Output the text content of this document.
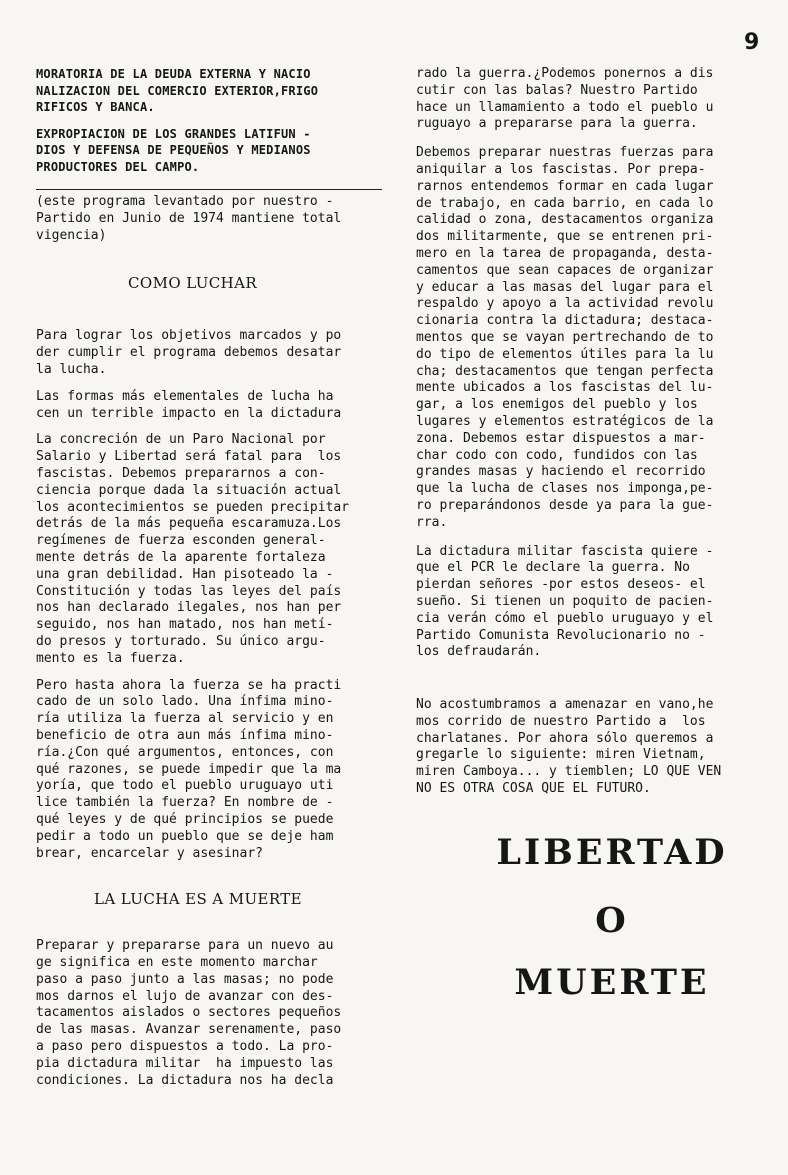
9
MORATORIA DE LA DEUDA EXTERNA Y NACIO
NALIZACION DEL COMERCIO EXTERIOR,FRIGO
RIFICOS Y BANCA.
EXPROPIACION DE LOS GRANDES LATIFUN -
DIOS Y DEFENSA DE PEQUEÑOS Y MEDIANOS
PRODUCTORES DEL CAMPO.
(este programa levantado por nuestro -
Partido en Junio de 1974 mantiene total
vigencia)
COMO LUCHAR
Para lograr los objetivos marcados y po
der cumplir el programa debemos desatar
la lucha.
Las formas más elementales de lucha ha
cen un terrible impacto en la dictadura
La concreción de un Paro Nacional por
Salario y Libertad será fatal para  los
fascistas. Debemos prepararnos a con-
ciencia porque dada la situación actual
los acontecimientos se pueden precipitar
detrás de la más pequeña escaramuza.Los
regímenes de fuerza esconden general-
mente detrás de la aparente fortaleza
una gran debilidad. Han pisoteado la -
Constitución y todas las leyes del país
nos han declarado ilegales, nos han per
seguido, nos han matado, nos han metí-
do presos y torturado. Su único argu-
mento es la fuerza.
Pero hasta ahora la fuerza se ha practi
cado de un solo lado. Una ínfima mino-
ría utiliza la fuerza al servicio y en
beneficio de otra aun más ínfima mino-
ría.¿Con qué argumentos, entonces, con
qué razones, se puede impedir que la ma
yoría, que todo el pueblo uruguayo uti
lice también la fuerza? En nombre de -
qué leyes y de qué principios se puede
pedir a todo un pueblo que se deje ham
brear, encarcelar y asesinar?
LA LUCHA ES A MUERTE
Preparar y prepararse para un nuevo au
ge significa en este momento marchar
paso a paso junto a las masas; no pode
mos darnos el lujo de avanzar con des-
tacamentos aislados o sectores pequeños
de las masas. Avanzar serenamente, paso
a paso pero dispuestos a todo. La pro-
pia dictadura militar  ha impuesto las
condiciones. La dictadura nos ha decla
rado la guerra.¿Podemos ponernos a dis
cutir con las balas? Nuestro Partido
hace un llamamiento a todo el pueblo u
ruguayo a prepararse para la guerra.
Debemos preparar nuestras fuerzas para
aniquilar a los fascistas. Por prepa-
rarnos entendemos formar en cada lugar
de trabajo, en cada barrio, en cada lo
calidad o zona, destacamentos organiza
dos militarmente, que se entrenen pri-
mero en la tarea de propaganda, desta-
camentos que sean capaces de organizar
y educar a las masas del lugar para el
respaldo y apoyo a la actividad revolu
cionaria contra la dictadura; destaca-
mentos que se vayan pertrechando de to
do tipo de elementos útiles para la lu
cha; destacamentos que tengan perfecta
mente ubicados a los fascistas del lu-
gar, a los enemigos del pueblo y los
lugares y elementos estratégicos de la
zona. Debemos estar dispuestos a mar-
char codo con codo, fundidos con las
grandes masas y haciendo el recorrido
que la lucha de clases nos imponga,pe-
ro preparándonos desde ya para la gue-
rra.
La dictadura militar fascista quiere -
que el PCR le declare la guerra. No
pierdan señores -por estos deseos- el
sueño. Si tienen un poquito de pacien-
cia verán cómo el pueblo uruguayo y el
Partido Comunista Revolucionario no -
los defraudarán.
No acostumbramos a amenazar en vano,he
mos corrido de nuestro Partido a  los
charlatanes. Por ahora sólo queremos a
gregarle lo siguiente: miren Vietnam,
miren Camboya... y tiemblen; LO QUE VEN
NO ES OTRA COSA QUE EL FUTURO.
LIBERTAD
O
MUERTE
